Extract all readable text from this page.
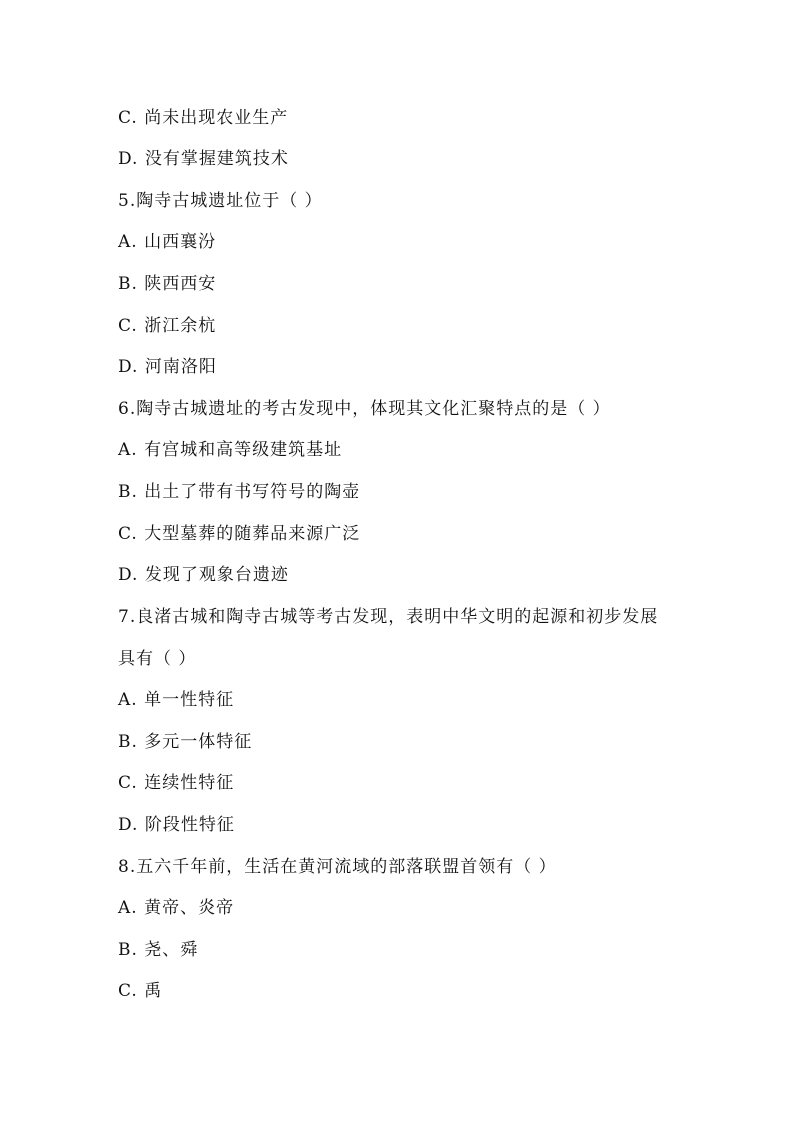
C. 尚未出现农业生产
D. 没有掌握建筑技术
5.陶寺古城遗址位于（ ）
A. 山西襄汾
B. 陕西西安
C. 浙江余杭
D. 河南洛阳
6.陶寺古城遗址的考古发现中，体现其文化汇聚特点的是（ ）
A. 有宫城和高等级建筑基址
B. 出土了带有书写符号的陶壶
C. 大型墓葬的随葬品来源广泛
D. 发现了观象台遗迹
7.良渚古城和陶寺古城等考古发现，表明中华文明的起源和初步发展
具有（ ）
A. 单一性特征
B. 多元一体特征
C. 连续性特征
D. 阶段性特征
8.五六千年前，生活在黄河流域的部落联盟首领有（ ）
A. 黄帝、炎帝
B. 尧、舜
C. 禹
